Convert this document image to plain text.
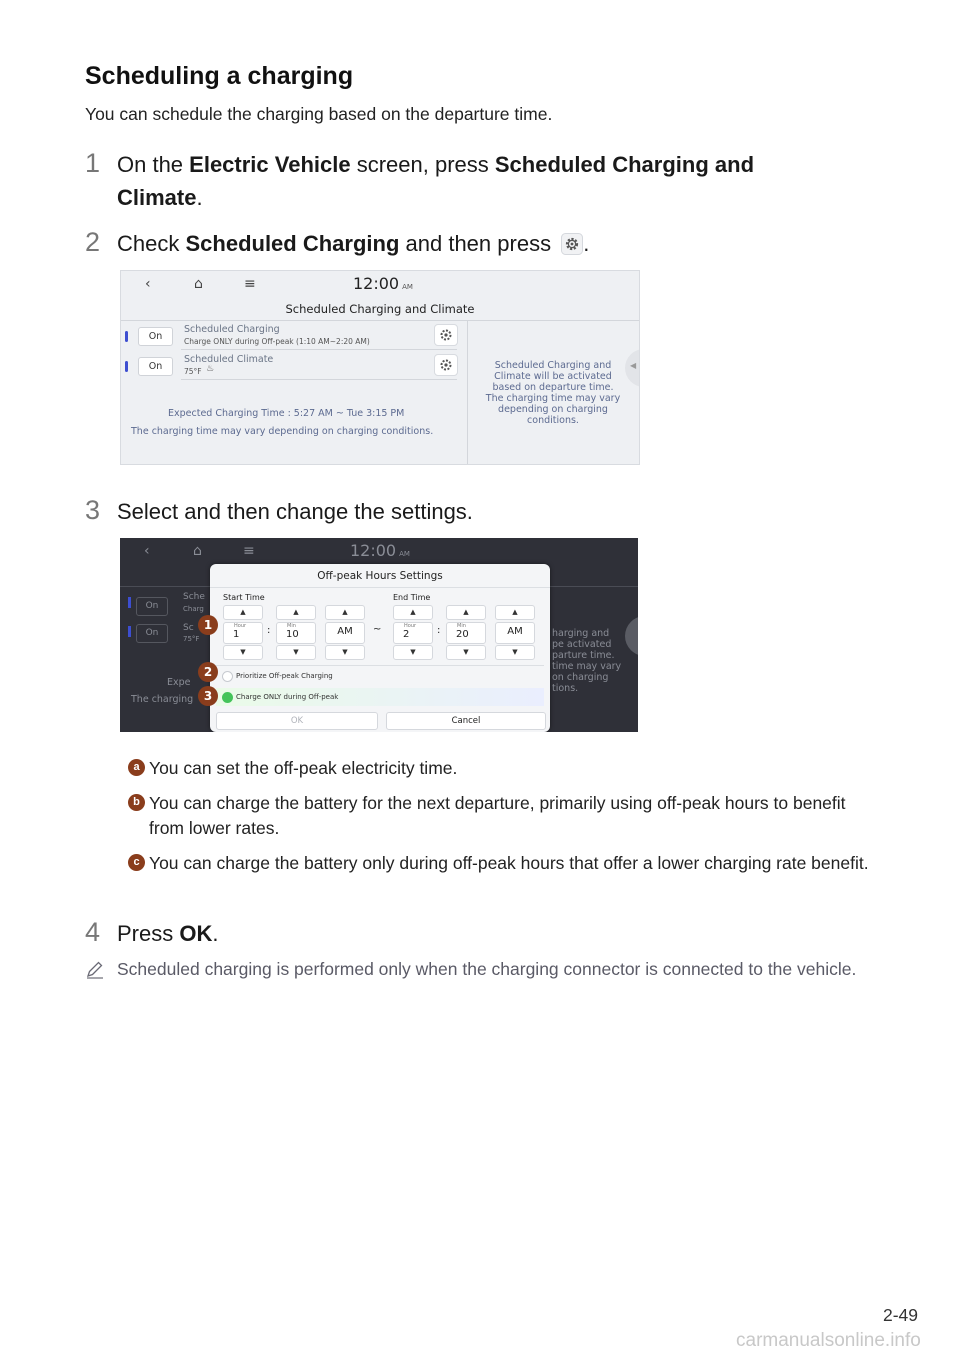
Scheduling a charging
You can schedule the charging based on the departure time.
1 On the Electric Vehicle screen, press Scheduled Charging and
Climate.
2 Check Scheduled Charging and then press .
‹	⌂	≡	12:00 AM
Scheduled Charging and Climate
On
Scheduled Charging
Charge ONLY during Off-peak (1:10 AM~2:20 AM)
On
Scheduled Climate
75°F ♨
Expected Charging Time : 5:27 AM ~ Tue 3:15 PM
The charging time may vary depending on charging conditions.
Scheduled Charging and
Climate will be activated
based on departure time.
The charging time may vary
depending on charging
conditions.
◀
3 Select and then change the settings.
‹	⌂	≡	12:00 AM
On
On
Sche
Charg
Sc
75°F
Expe
The charging
harging and
pe activated
parture time.
time may vary
on charging
tions.
Off-peak Hours Settings
Start Time	End Time
▲	▲	▲
Hour
1	:	Min
10	AM
▼	▼	▼
~
▲	▲	▲
Hour
2	:	Min
20	AM
▼	▼	▼
Prioritize Off-peak Charging
Charge ONLY during Off-peak
OK	Cancel
1
2
3
a You can set the off-peak electricity time.
b You can charge the battery for the next departure, primarily using off-peak hours to benefit from lower rates.
c You can charge the battery only during off-peak hours that offer a lower charging rate benefit.
4 Press OK.
Scheduled charging is performed only when the charging connector is connected to the vehicle.
2-49
carmanualsonline.info
